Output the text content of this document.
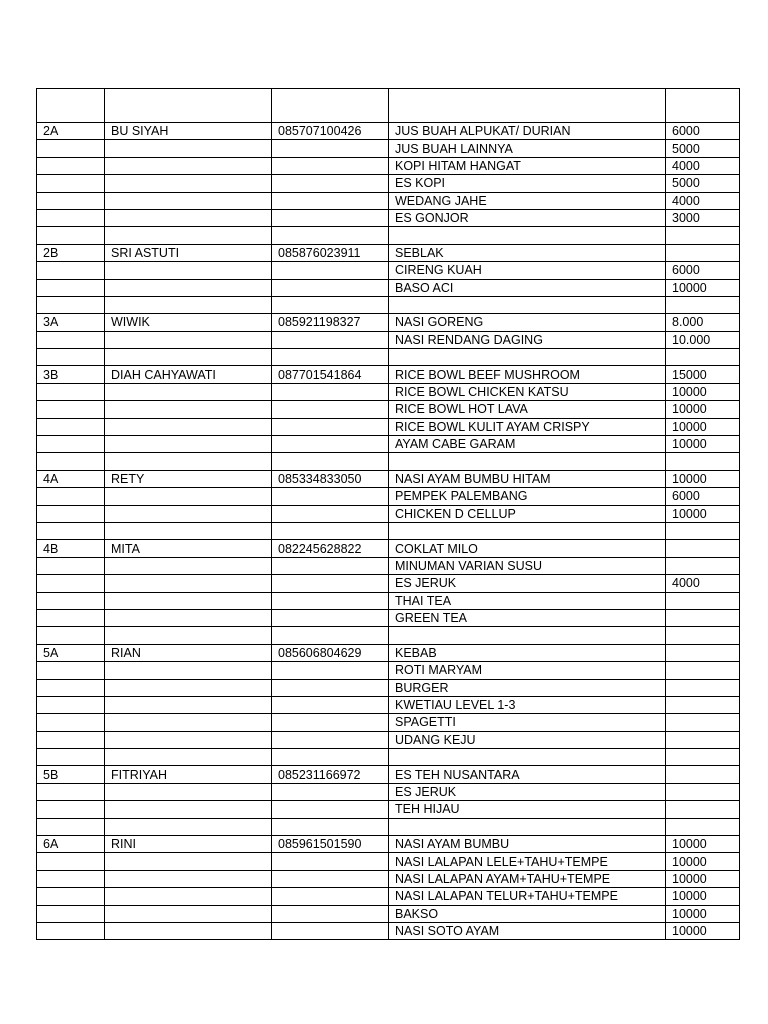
2A	BU SIYAH	085707100426	JUS BUAH ALPUKAT/ DURIAN	6000
			JUS BUAH LAINNYA	5000
			KOPI HITAM HANGAT	4000
			ES KOPI	5000
			WEDANG JAHE	4000
			ES GONJOR	3000

2B	SRI ASTUTI	085876023911	SEBLAK	
			CIRENG KUAH	6000
			BASO ACI	10000

3A	WIWIK	085921198327	NASI GORENG	8.000
			NASI RENDANG DAGING	10.000

3B	DIAH CAHYAWATI	087701541864	RICE BOWL BEEF MUSHROOM	15000
			RICE BOWL CHICKEN KATSU	10000
			RICE BOWL HOT LAVA	10000
			RICE BOWL KULIT AYAM CRISPY	10000
			AYAM CABE GARAM	10000

4A	RETY	085334833050	NASI AYAM BUMBU HITAM	10000
			PEMPEK PALEMBANG	6000
			CHICKEN D CELLUP	10000

4B	MITA	082245628822	COKLAT MILO	
			MINUMAN VARIAN SUSU	
			ES JERUK	4000
			THAI TEA	
			GREEN TEA	

5A	RIAN	085606804629	KEBAB	
			ROTI MARYAM	
			BURGER	
			KWETIAU LEVEL 1-3	
			SPAGETTI	
			UDANG KEJU	

5B	FITRIYAH	085231166972	ES TEH NUSANTARA	
			ES JERUK	
			TEH HIJAU	

6A	RINI	085961501590	NASI AYAM BUMBU	10000
			NASI LALAPAN LELE+TAHU+TEMPE	10000
			NASI LALAPAN AYAM+TAHU+TEMPE	10000
			NASI LALAPAN TELUR+TAHU+TEMPE	10000
			BAKSO	10000
			NASI SOTO AYAM	10000
